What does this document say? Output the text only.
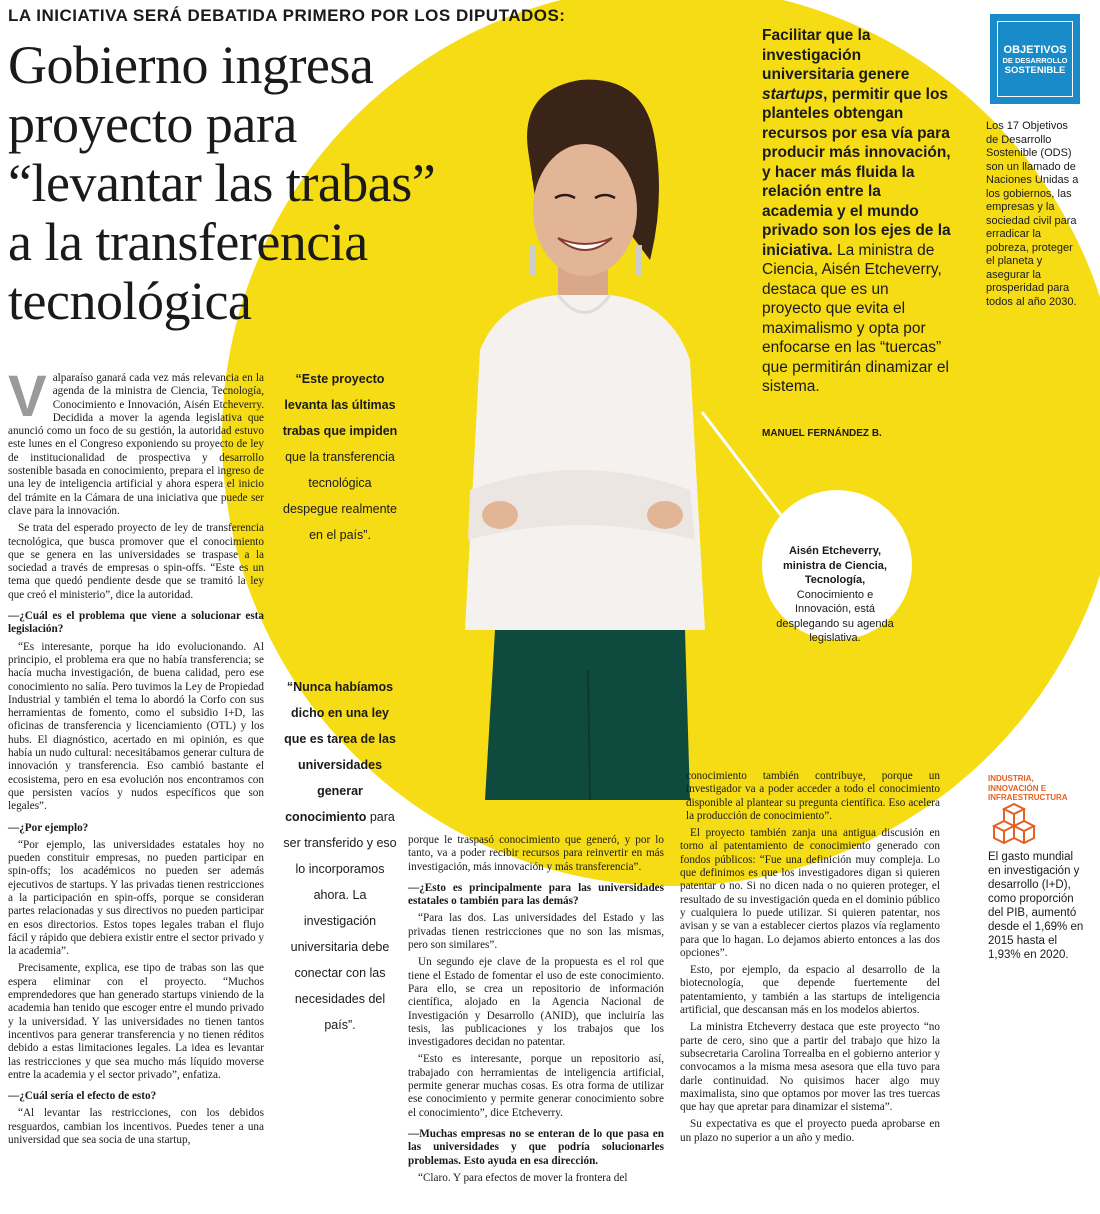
LA INICIATIVA SERÁ DEBATIDA PRIMERO POR LOS DIPUTADOS:
Gobierno ingresa
proyecto para
“levantar las trabas”
a la transferencia
tecnológica
Facilitar que la investigación universitaria genere startups, permitir que los planteles obtengan recursos por esa vía para producir más innovación, y hacer más fluida la relación entre la academia y el mundo privado son los ejes de la iniciativa. La ministra de Ciencia, Aisén Etcheverry, destaca que es un proyecto que evita el maximalismo y opta por enfocarse en las “tuercas” que permitirán dinamizar el sistema.
MANUEL FERNÁNDEZ B.
Aisén Etcheverry, ministra de Ciencia, Tecnología, Conocimiento e Innovación, está desplegando su agenda legislativa.
OBJETIVOS
DE DESARROLLO
SOSTENIBLE
Los 17 Objetivos de Desarrollo Sostenible (ODS) son un llamado de Naciones Unidas a los gobiernos, las empresas y la sociedad civil para erradicar la pobreza, proteger el planeta y asegurar la prosperidad para todos al año 2030.
INDUSTRIA, INNOVACIÓN E INFRAESTRUCTURA
El gasto mundial en investigación y desarrollo (I+D), como proporción del PIB, aumentó desde el 1,69% en 2015 hasta el 1,93% en 2020.
“Este proyecto levanta las últimas trabas que impiden que la transferencia tecnológica despegue realmente en el país”.
“Nunca habíamos dicho en una ley que es tarea de las universidades generar conocimiento para ser transferido y eso lo incorporamos ahora. La investigación universitaria debe conectar con las necesidades del país”.
V alparaíso ganará cada vez más relevancia en la agenda de la ministra de Ciencia, Tecnología, Conocimiento e Innovación, Aisén Etcheverry. Decidida a mover la agenda legislativa que anunció como un foco de su gestión, la autoridad estuvo este lunes en el Congreso exponiendo su proyecto de ley de institucionalidad de prospectiva y desarrollo sostenible basada en conocimiento, prepara el ingreso de una ley de inteligencia artificial y ahora espera el inicio del trámite en la Cámara de una iniciativa que puede ser clave para la innovación.

Se trata del esperado proyecto de ley de transferencia tecnológica, que busca promover que el conocimiento que se genera en las universidades se traspase a la sociedad a través de empresas o spin-offs. “Este es un tema que quedó pendiente desde que se tramitó la ley que creó el ministerio”, dice la autoridad.

—¿Cuál es el problema que viene a solucionar esta legislación?

“Es interesante, porque ha ido evolucionando. Al principio, el problema era que no había transferencia; se hacía mucha investigación, de buena calidad, pero ese conocimiento no salía. Pero tuvimos la Ley de Propiedad Industrial y también el tema lo abordó la Corfo con sus herramientas de fomento, como el subsidio I+D, las oficinas de transferencia y licenciamiento (OTL) y los hubs. El diagnóstico, acertado en mi opinión, es que había un nudo cultural: necesitábamos generar cultura de innovación y transferencia. Eso cambió bastante el ecosistema, pero en esa evolución nos encontramos con que persisten vacíos y nudos específicos que son legales”.

—¿Por ejemplo?

“Por ejemplo, las universidades estatales hoy no pueden constituir empresas, no pueden participar en spin-offs; los académicos no pueden ser además ejecutivos de startups. Y las privadas tienen restricciones a la participación en spin-offs, porque se consideran partes relacionadas y sus directivos no pueden participar en esos directorios. Estos topes legales traban el flujo fácil y rápido que debiera existir entre el sector privado y la academia”.

Precisamente, explica, ese tipo de trabas son las que espera eliminar con el proyecto. “Muchos emprendedores que han generado startups viniendo de la academia han tenido que escoger entre el mundo privado y la universidad. Y las universidades no tienen tantos incentivos para generar transferencia y no tienen réditos debido a estas limitaciones legales. La idea es levantar las restricciones y que sea mucho más líquido moverse entre la academia y el sector privado”, enfatiza.

—¿Cuál sería el efecto de esto?

“Al levantar las restricciones, con los debidos resguardos, cambian los incentivos. Puedes tener a una universidad que sea socia de una startup,

porque le traspasó conocimiento que generó, y por lo tanto, va a poder recibir recursos para reinvertir en más investigación, más innovación y más transferencia”.

—¿Esto es principalmente para las universidades estatales o también para las demás?

“Para las dos. Las universidades del Estado y las privadas tienen restricciones que no son las mismas, pero son similares”.

Un segundo eje clave de la propuesta es el rol que tiene el Estado de fomentar el uso de este conocimiento. Para ello, se crea un repositorio de información científica, alojado en la Agencia Nacional de Investigación y Desarrollo (ANID), que incluiría las tesis, las publicaciones y los trabajos que los investigadores decidan no patentar.

“Esto es interesante, porque un repositorio así, trabajado con herramientas de inteligencia artificial, permite generar muchas cosas. Es otra forma de utilizar ese conocimiento y permite generar conocimiento sobre el conocimiento”, dice Etcheverry.

—Muchas empresas no se enteran de lo que pasa en las universidades y que podría solucionarles problemas. Esto ayuda en esa dirección.

“Claro. Y para efectos de mover la frontera del

conocimiento también contribuye, porque un investigador va a poder acceder a todo el conocimiento disponible al plantear su pregunta científica. Eso acelera la producción de conocimiento”.

El proyecto también zanja una antigua discusión en torno al patentamiento de conocimiento generado con fondos públicos: “Fue una definición muy compleja. Lo que definimos es que los investigadores digan si quieren patentar o no. Si no dicen nada o no quieren proteger, el resultado de su investigación queda en el dominio público y cualquiera lo puede utilizar. Si quieren patentar, nos avisan y se van a establecer ciertos plazos vía reglamento para que lo hagan. Lo dejamos abierto entonces a las dos opciones”.

Esto, por ejemplo, da espacio al desarrollo de la biotecnología, que depende fuertemente del patentamiento, y también a las startups de inteligencia artificial, que descansan más en los modelos abiertos.

La ministra Etcheverry destaca que este proyecto “no parte de cero, sino que a partir del trabajo que hizo la subsecretaria Carolina Torrealba en el gobierno anterior y convocamos a la misma mesa asesora que ella tuvo para darle continuidad. No quisimos hacer algo muy maximalista, sino que optamos por mover las tres tuercas que hay que apretar para dinamizar el sistema”.

Su expectativa es que el proyecto pueda aprobarse en un plazo no superior a un año y medio.
